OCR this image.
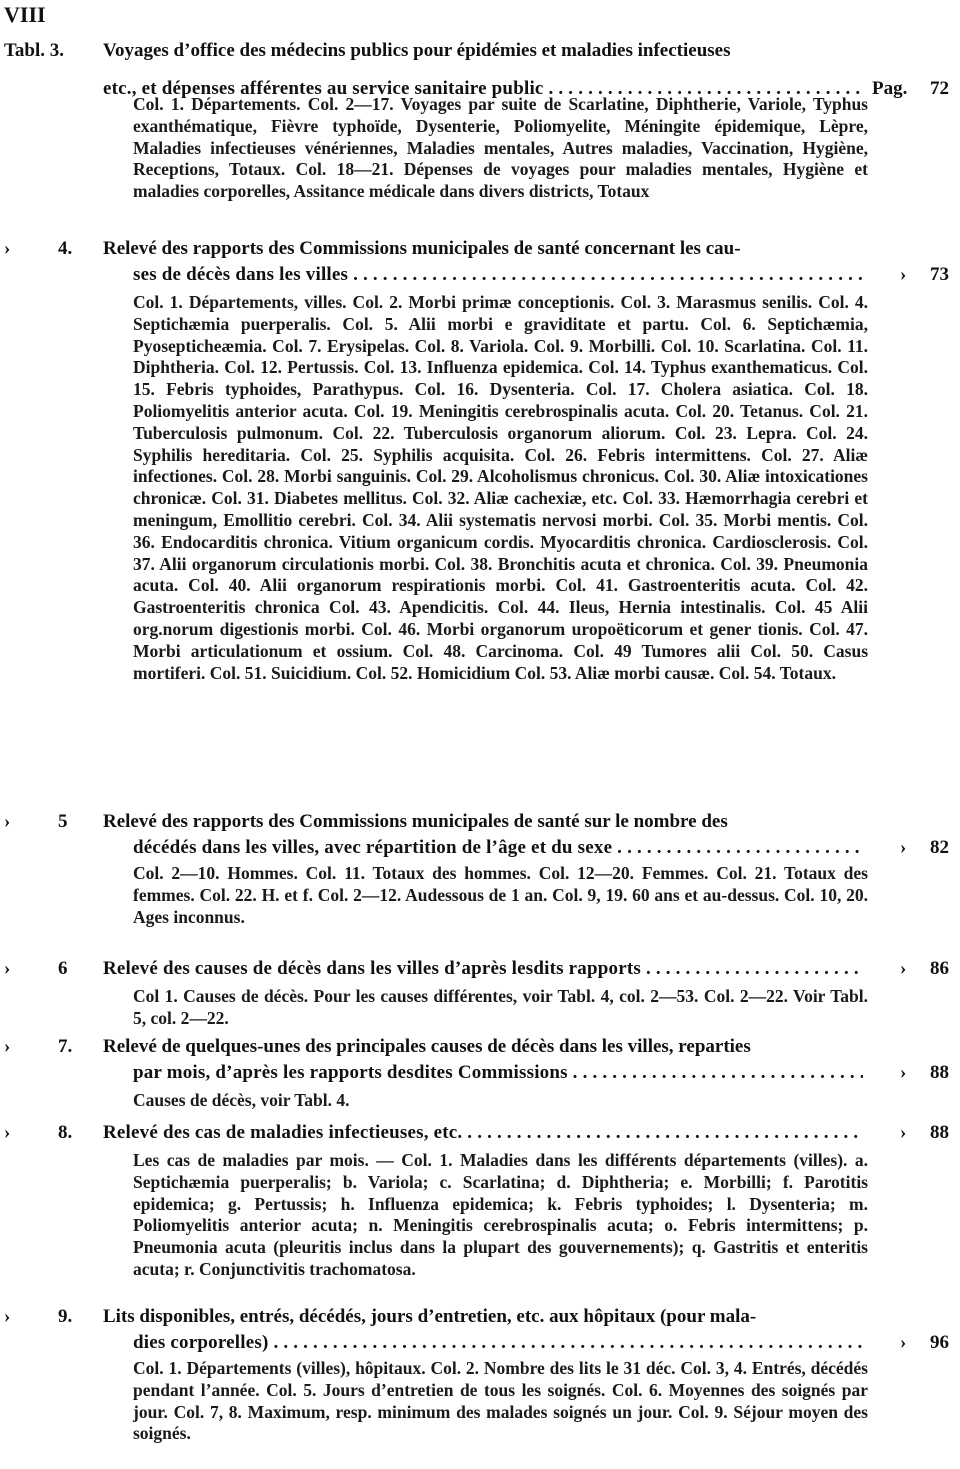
VIII
Tabl. 3. Voyages d’office des médecins publics pour épidémies et maladies infectieuses
etc., et dépenses afférentes au service sanitaire public . . .	Pag. 72
Col. 1. Départements. Col. 2—17. Voyages par suite de Scarlatine, Diphtherie, Variole, Typhus exanthématique, Fièvre typhoïde, Dysenterie, Poliomyelite, Méningite épidemique, Lèpre, Maladies infectieuses vénériennes, Maladies mentales, Autres maladies, Vaccination, Hygiène, Receptions, Totaux. Col. 18—21. Dépenses de voyages pour maladies mentales, Hygiène et maladies corporelles, Assitance médicale dans divers districts, Totaux
›	4. Relevé des rapports des Commissions municipales de santé concernant les cau-
ses de décès dans les villes . . .	› 73
Col. 1. Départements, villes. Col. 2. Morbi primæ conceptionis. Col. 3. Marasmus senilis. Col. 4. Septichæmia puerperalis. Col. 5. Alii morbi e graviditate et partu. Col. 6. Septichæmia, Pyosepticheæmia. Col. 7. Erysipelas. Col. 8. Variola. Col. 9. Morbilli. Col. 10. Scarlatina. Col. 11. Diphtheria. Col. 12. Pertussis. Col. 13. Influenza epidemica. Col. 14. Typhus exanthematicus. Col. 15. Febris typhoides, Parathypus. Col. 16. Dysenteria. Col. 17. Cholera asiatica. Col. 18. Poliomyelitis anterior acuta. Col. 19. Meningitis cerebrospinalis acuta. Col. 20. Tetanus. Col. 21. Tuberculosis pulmonum. Col. 22. Tuberculosis organorum aliorum. Col. 23. Lepra. Col. 24. Syphilis hereditaria. Col. 25. Syphilis acquisita. Col. 26. Febris intermittens. Col. 27. Aliæ infectiones. Col. 28. Morbi sanguinis. Col. 29. Alcoholismus chronicus. Col. 30. Aliæ intoxicationes chronicæ. Col. 31. Diabetes mellitus. Col. 32. Aliæ cachexiæ, etc. Col. 33. Hæmorrhagia cerebri et meningum, Emollitio cerebri. Col. 34. Alii systematis nervosi morbi. Col. 35. Morbi mentis. Col. 36. Endocarditis chronica. Vitium organicum cordis. Myocarditis chronica. Cardiosclerosis. Col. 37. Alii organorum circulationis morbi. Col. 38. Bronchitis acuta et chronica. Col. 39. Pneumonia acuta. Col. 40. Alii organorum respirationis morbi. Col. 41. Gastroenteritis acuta. Col. 42. Gastroenteritis chronica Col. 43. Apendicitis. Col. 44. Ileus, Hernia intestinalis. Col. 45 Alii org.norum digestionis morbi. Col. 46. Morbi organorum uropoëticorum et gener tionis. Col. 47. Morbi articulationum et ossium. Col. 48. Carcinoma. Col. 49 Tumores alii Col. 50. Casus mortiferi. Col. 51. Suicidium. Col. 52. Homicidium Col. 53. Aliæ morbi causæ. Col. 54. Totaux.
›	5 Relevé des rapports des Commissions municipales de santé sur le nombre des
décédés dans les villes, avec répartition de l’âge et du sexe . . .	› 82
Col. 2—10. Hommes. Col. 11. Totaux des hommes. Col. 12—20. Femmes. Col. 21. Totaux des femmes. Col. 22. H. et f. Col. 2—12. Audessous de 1 an. Col. 9, 19. 60 ans et au-dessus. Col. 10, 20. Ages inconnus.
›	6 Relevé des causes de décès dans les villes d’après lesdits rapports . . .	› 86
Col 1. Causes de décès. Pour les causes différentes, voir Tabl. 4, col. 2—53. Col. 2—22. Voir Tabl. 5, col. 2—22.
›	7. Relevé de quelques-unes des principales causes de décès dans les villes, reparties
par mois, d’après les rapports desdites Commissions . . .	› 88
Causes de décès, voir Tabl. 4.
›	8. Relevé des cas de maladies infectieuses, etc. . . .	› 88
Les cas de maladies par mois. — Col. 1. Maladies dans les différents départements (villes). a. Septichæmia puerperalis; b. Variola; c. Scarlatina; d. Diphtheria; e. Morbilli; f. Parotitis epidemica; g. Pertussis; h. Influenza epidemica; k. Febris typhoides; l. Dysenteria; m. Poliomyelitis anterior acuta; n. Meningitis cerebrospinalis acuta; o. Febris intermittens; p. Pneumonia acuta (pleuritis inclus dans la plupart des gouvernements); q. Gastritis et enteritis acuta; r. Conjunctivitis trachomatosa.
›	9. Lits disponibles, entrés, décédés, jours d’entretien, etc. aux hôpitaux (pour mala-
dies corporelles) . . .	› 96
Col. 1. Départements (villes), hôpitaux. Col. 2. Nombre des lits le 31 déc. Col. 3, 4. Entrés, décédés pendant l’année. Col. 5. Jours d’entretien de tous les soignés. Col. 6. Moyennes des soignés par jour. Col. 7, 8. Maximum, resp. minimum des malades soignés un jour. Col. 9. Séjour moyen des soignés.
